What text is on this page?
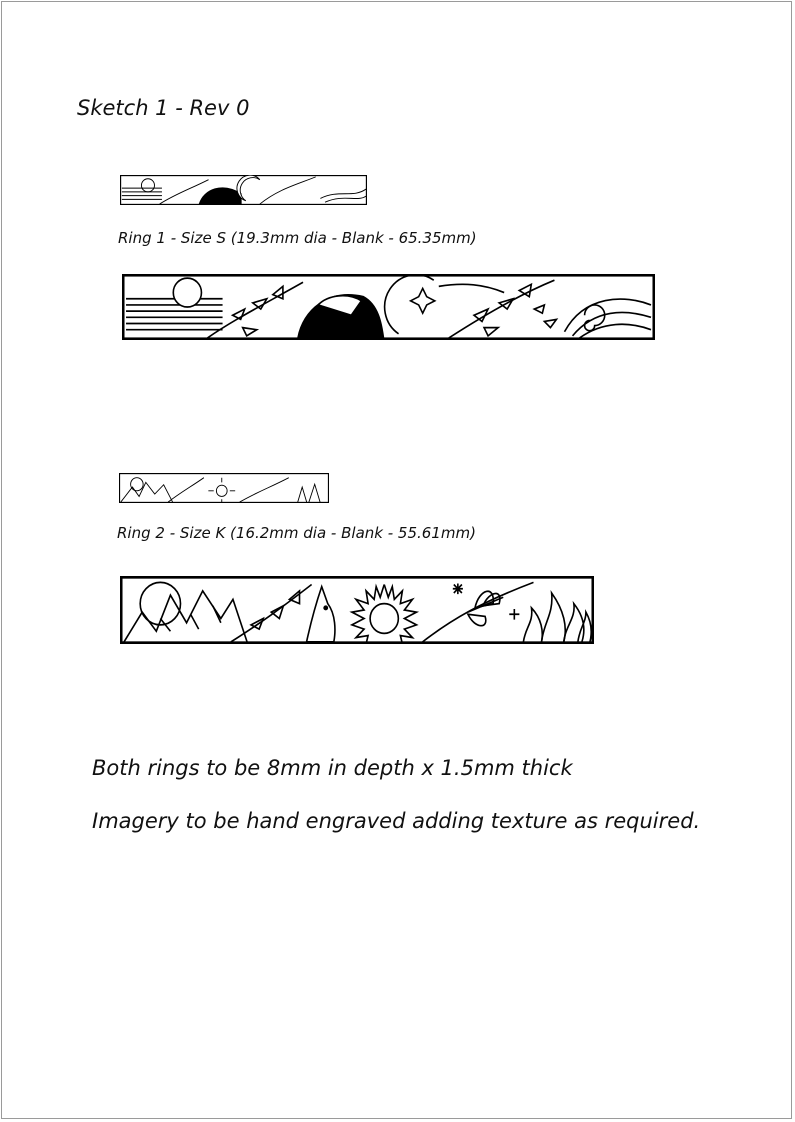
Sketch 1 - Rev 0
Ring 1 - Size S (19.3mm dia - Blank - 65.35mm)
Ring 2 - Size K (16.2mm dia - Blank - 55.61mm)
Both rings to be 8mm in depth x 1.5mm thick
Imagery to be hand engraved adding texture as required.
